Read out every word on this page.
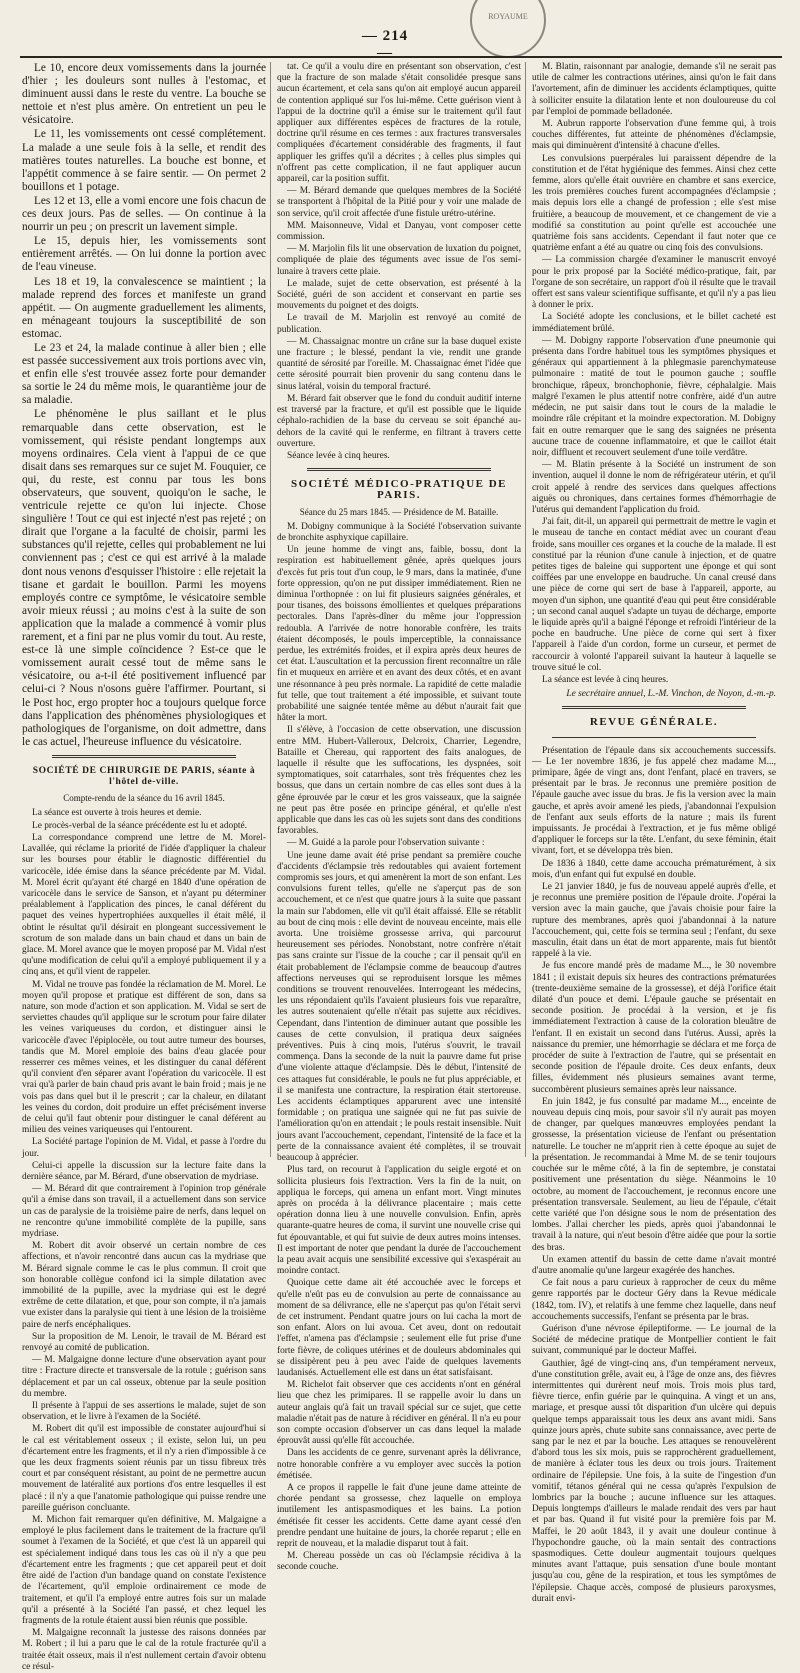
ROYAUME
— 214 —

Le 10, encore deux vomissements dans la journée d'hier ; les douleurs sont nulles à l'estomac, et diminuent aussi dans le reste du ventre. La bouche se nettoie et n'est plus amère. On entretient un peu le vésicatoire.

Le 11, les vomissements ont cessé complétement. La malade a une seule fois à la selle, et rendit des matières toutes naturelles. La bouche est bonne, et l'appétit commence à se faire sentir. — On permet 2 bouillons et 1 potage.

Les 12 et 13, elle a vomi encore une fois chacun de ces deux jours. Pas de selles. — On continue à la nourrir un peu ; on prescrit un lavement simple.

Le 15, depuis hier, les vomissements sont entièrement arrêtés. — On lui donne la portion avec de l'eau vineuse.

Les 18 et 19, la convalescence se maintient ; la malade reprend des forces et manifeste un grand appétit. — On augmente graduellement les aliments, en ménageant toujours la susceptibilité de son estomac.

Le 23 et 24, la malade continue à aller bien ; elle est passée successivement aux trois portions avec vin, et enfin elle s'est trouvée assez forte pour demander sa sortie le 24 du même mois, le quarantième jour de sa maladie.

Le phénomène le plus saillant et le plus remarquable dans cette observation, est le vomissement, qui résiste pendant longtemps aux moyens ordinaires. Cela vient à l'appui de ce que disait dans ses remarques sur ce sujet M. Fouquier, ce qui, du reste, est connu par tous les bons observateurs, que souvent, quoiqu'on le sache, le ventricule rejette ce qu'on lui injecte. Chose singulière ! Tout ce qui est injecté n'est pas rejeté ; on dirait que l'organe a la faculté de choisir, parmi les substances qu'il rejette, celles qui probablement ne lui conviennent pas ; c'est ce qui est arrivé à la malade dont nous venons d'esquisser l'histoire : elle rejetait la tisane et gardait le bouillon. Parmi les moyens employés contre ce symptôme, le vésicatoire semble avoir mieux réussi ; au moins c'est à la suite de son application que la malade a commencé à vomir plus rarement, et a fini par ne plus vomir du tout. Au reste, est-ce là une simple coïncidence ? Est-ce que le vomissement aurait cessé tout de même sans le vésicatoire, ou a-t-il été positivement influencé par celui-ci ? Nous n'osons guère l'affirmer. Pourtant, si le Post hoc, ergo propter hoc a toujours quelque force dans l'application des phénomènes physiologiques et pathologiques de l'organisme, on doit admettre, dans le cas actuel, l'heureuse influence du vésicatoire.

SOCIÉTÉ DE CHIRURGIE DE PARIS, séante à l'hôtel de-ville.
Compte-rendu de la séance du 16 avril 1845.

La séance est ouverte à trois heures et demie.

Le procès-verbal de la séance précédente est lu et adopté.

La correspondance comprend une lettre de M. Morel-Lavallée, qui réclame la priorité de l'idée d'appliquer la chaleur sur les bourses pour établir le diagnostic différentiel du varicocèle, idée émise dans la séance précédente par M. Vidal. M. Morel écrit qu'ayant été chargé en 1840 d'une opération de varicocèle dans le service de Sanson, et n'ayant pu déterminer préalablement à l'application des pinces, le canal déférent du paquet des veines hypertrophiées auxquelles il était mêlé, il obtint le résultat qu'il désirait en plongeant successivement le scrotum de son malade dans un bain chaud et dans un bain de glace. M. Morel avance que le moyen proposé par M. Vidal n'est qu'une modification de celui qu'il a employé publiquement il y a cinq ans, et qu'il vient de rappeler.

M. Vidal ne trouve pas fondée la réclamation de M. Morel. Le moyen qu'il propose et pratique est différent de son, dans sa nature, son mode d'action et son application. M. Vidal se sert de serviettes chaudes qu'il applique sur le scrotum pour faire dilater les veines variqueuses du cordon, et distinguer ainsi le varicocèle d'avec l'épiplocèle, ou tout autre tumeur des bourses, tandis que M. Morel emploie des bains d'eau glacée pour resserrer ces mêmes veines, et les distinguer du canal déférent qu'il convient d'en séparer avant l'opération du varicocèle. Il est vrai qu'à parler de bain chaud pris avant le bain froid ; mais je ne vois pas dans quel but il le prescrit ; car la chaleur, en dilatant les veines du cordon, doit produire un effet précisément inverse de celui qu'il faut obtenir pour distinguer le canal déférent au milieu des veines variqueuses qui l'entourent.

La Société partage l'opinion de M. Vidal, et passe à l'ordre du jour.

Celui-ci appelle la discussion sur la lecture faite dans la dernière séance, par M. Bérard, d'une observation de mydriase.

— M. Bérard dit que contrairement à l'opinion trop générale qu'il a émise dans son travail, il a actuellement dans son service un cas de paralysie de la troisième paire de nerfs, dans lequel on ne rencontre qu'une immobilité complète de la pupille, sans mydriase.

M. Robert dit avoir observé un certain nombre de ces affections, et n'avoir rencontré dans aucun cas la mydriase que M. Bérard signale comme le cas le plus commun. Il croit que son honorable collègue confond ici la simple dilatation avec immobilité de la pupille, avec la mydriase qui est le degré extrême de cette dilatation, et que, pour son compte, il n'a jamais vue exister dans la paralysie qui tient à une lésion de la troisième paire de nerfs encéphaliques.

Sur la proposition de M. Lenoir, le travail de M. Bérard est renvoyé au comité de publication.

— M. Malgaigne donne lecture d'une observation ayant pour titre : Fracture directe et transversale de la rotule ; guérison sans déplacement et par un cal osseux, obtenue par la seule position du membre.

Il présente à l'appui de ses assertions le malade, sujet de son observation, et le livre à l'examen de la Société.

M. Robert dit qu'il est impossible de constater aujourd'hui si le cal est véritablement osseux ; il existe, selon lui, un peu d'écartement entre les fragments, et il n'y a rien d'impossible à ce que les deux fragments soient réunis par un tissu fibreux très court et par conséquent résistant, au point de ne permettre aucun mouvement de latéralité aux portions d'os entre lesquelles il est placé : il n'y a que l'anatomie pathologique qui puisse rendre une pareille guérison concluante.

M. Michon fait remarquer qu'en définitive, M. Malgaigne a employé le plus facilement dans le traitement de la fracture qu'il soumet à l'examen de la Société, et que c'est là un appareil qui est spécialement indiqué dans tous les cas où il n'y a que peu d'écartement entre les fragments ; que cet appareil peut et doit être aidé de l'action d'un bandage quand on constate l'existence de l'écartement, qu'il emploie ordinairement ce mode de traitement, et qu'il l'a employé entre autres fois sur un malade qu'il a présenté à la Société l'an passé, et chez lequel les fragments de la rotule étaient aussi bien réunis que possible.

M. Malgaigne reconnaît la justesse des raisons données par M. Robert ; il lui a paru que le cal de la rotule fracturée qu'il a traitée était osseux, mais il n'est nullement certain d'avoir obtenu ce résul-

tat. Ce qu'il a voulu dire en présentant son observation, c'est que la fracture de son malade s'était consolidée presque sans aucun écartement, et cela sans qu'on ait employé aucun appareil de contention appliqué sur l'os lui-même. Cette guérison vient à l'appui de la doctrine qu'il a émise sur le traitement qu'il faut appliquer aux différentes espèces de fractures de la rotule, doctrine qu'il résume en ces termes : aux fractures transversales compliquées d'écartement considérable des fragments, il faut appliquer les griffes qu'il a décrites ; à celles plus simples qui n'offrent pas cette complication, il ne faut appliquer aucun appareil, car la position suffit.

— M. Bérard demande que quelques membres de la Société se transportent à l'hôpital de la Pitié pour y voir une malade de son service, qu'il croit affectée d'une fistule urétro-utérine.

MM. Maisonneuve, Vidal et Danyau, vont composer cette commission.

— M. Marjolin fils lit une observation de luxation du poignet, compliquée de plaie des téguments avec issue de l'os semi-lunaire à travers cette plaie.

Le malade, sujet de cette observation, est présenté à la Société, guéri de son accident et conservant en partie ses mouvements du poignet et des doigts.

Le travail de M. Marjolin est renvoyé au comité de publication.

— M. Chassaignac montre un crâne sur la base duquel existe une fracture ; le blessé, pendant la vie, rendit une grande quantité de sérosité par l'oreille. M. Chassaignac émet l'idée que cette sérosité pourrait bien provenir du sang contenu dans le sinus latéral, voisin du temporal fracturé.

M. Bérard fait observer que le fond du conduit auditif interne est traversé par la fracture, et qu'il est possible que le liquide céphalo-rachidien de la base du cerveau se soit épanché au-dehors de la cavité qui le renferme, en filtrant à travers cette ouverture.

Séance levée à cinq heures.

SOCIÉTÉ MÉDICO-PRATIQUE DE PARIS.
Séance du 25 mars 1845. — Présidence de M. Bataille.

M. Dobigny communique à la Société l'observation suivante de bronchite asphyxique capillaire.

Un jeune homme de vingt ans, faible, bossu, dont la respiration est habituellement gênée, après quelques jours d'excès fut pris tout d'un coup, le 9 mars, dans la matinée, d'une forte oppression, qu'on ne put dissiper immédiatement. Rien ne diminua l'orthopnée : on lui fit plusieurs saignées générales, et pour tisanes, des boissons émollientes et quelques préparations pectorales. Dans l'après-dîner du même jour l'oppression redoubla. A l'arrivée de notre honorable confrère, les traits étaient décomposés, le pouls imperceptible, la connaissance perdue, les extrémités froides, et il expira après deux heures de cet état. L'auscultation et la percussion firent reconnaître un râle fin et muqueux en arrière et en avant des deux côtés, et en avant une résonnance à peu près normale. La rapidité de cette maladie fut telle, que tout traitement a été impossible, et suivant toute probabilité une saignée tentée même au début n'aurait fait que hâter la mort.

Il s'élève, à l'occasion de cette observation, une discussion entre MM. Hubert-Valleroux, Delcroix, Charrier, Legendre, Bataille et Chereau, qui rapportent des faits analogues, de laquelle il résulte que les suffocations, les dyspnées, soit symptomatiques, soit catarrhales, sont très fréquentes chez les bossus, que dans un certain nombre de cas elles sont dues à la gêne éprouvée par le cœur et les gros vaisseaux, que la saignée ne peut pas être posée en principe général, et qu'elle n'est applicable que dans les cas où les sujets sont dans des conditions favorables.

— M. Guidé a la parole pour l'observation suivante :

Une jeune dame avait été prise pendant sa première couche d'accidents d'éclampsie très redoutables qui avaient fortement compromis ses jours, et qui amenèrent la mort de son enfant. Les convulsions furent telles, qu'elle ne s'aperçut pas de son accouchement, et ce n'est que quatre jours à la suite que passant la main sur l'abdomen, elle vit qu'il était affaissé. Elle se rétablit au bout de cinq mois : elle devint de nouveau enceinte, mais elle avorta. Une troisième grossesse arriva, qui parcourut heureusement ses périodes. Nonobstant, notre confrère n'était pas sans crainte sur l'issue de la couche ; car il pensait qu'il en était probablement de l'éclampsie comme de beaucoup d'autres affections nerveuses qui se reproduisent lorsque les mêmes conditions se trouvent renouvelées. Interrogeant les médecins, les uns répondaient qu'ils l'avaient plusieurs fois vue reparaître, les autres soutenaient qu'elle n'était pas sujette aux récidives. Cependant, dans l'intention de diminuer autant que possible les causes de cette convulsion, il pratiqua deux saignées préventives. Puis à cinq mois, l'utérus s'ouvrit, le travail commença. Dans la seconde de la nuit la pauvre dame fut prise d'une violente attaque d'éclampsie. Dès le début, l'intensité de ces attaques fut considérable, le pouls ne fut plus appréciable, et il se manifesta une contracture, la respiration était stertoreuse. Les accidents éclamptiques apparurent avec une intensité formidable ; on pratiqua une saignée qui ne fut pas suivie de l'amélioration qu'on en attendait ; le pouls restait insensible. Nuit jours avant l'accouchement, cependant, l'intensité de la face et la perte de la connaissance avaient été complètes, il se trouvait beaucoup à apprécier.

Plus tard, on recourut à l'application du seigle ergoté et on sollicita plusieurs fois l'extraction. Vers la fin de la nuit, on appliqua le forceps, qui amena un enfant mort. Vingt minutes après on procéda à la délivrance placentaire ; mais cette opération donna lieu à une nouvelle convulsion. Enfin, après quarante-quatre heures de coma, il survint une nouvelle crise qui fut épouvantable, et qui fut suivie de deux autres moins intenses. Il est important de noter que pendant la durée de l'accouchement la peau avait acquis une sensibilité excessive qui s'exaspérait au moindre contact.

Quoique cette dame ait été accouchée avec le forceps et qu'elle n'eût pas eu de convulsion au perte de connaissance au moment de sa délivrance, elle ne s'aperçut pas qu'on l'était servi de cet instrument. Pendant quatre jours on lui cacha la mort de son enfant. Alors on lui avoua. Cet aveu, dont on redoutait l'effet, n'amena pas d'éclampsie ; seulement elle fut prise d'une forte fièvre, de coliques utérines et de douleurs abdominales qui se dissipèrent peu à peu avec l'aide de quelques lavements laudanisés. Actuellement elle est dans un état satisfaisant.

M. Richelot fait observer que ces accidents n'ont en général lieu que chez les primipares. Il se rappelle avoir lu dans un auteur anglais qu'à fait un travail spécial sur ce sujet, que cette maladie n'était pas de nature à récidiver en général. Il n'a eu pour son compte occasion d'observer un cas dans lequel la malade éprouvât aussi qu'elle fût accouchée.

Dans les accidents de ce genre, survenant après la délivrance, notre honorable confrère a vu employer avec succès la potion émétisée.

A ce propos il rappelle le fait d'une jeune dame atteinte de chorée pendant sa grossesse, chez laquelle on employa inutilement les antispasmodiques et les bains. La potion émétisée fit cesser les accidents. Cette dame ayant cessé d'en prendre pendant une huitaine de jours, la chorée reparut ; elle en reprit de nouveau, et la maladie disparut tout à fait.

M. Chereau possède un cas où l'éclampsie récidiva à la seconde couche.

M. Blatin, raisonnant par analogie, demande s'il ne serait pas utile de calmer les contractions utérines, ainsi qu'on le fait dans l'avortement, afin de diminuer les accidents éclamptiques, quitte à solliciter ensuite la dilatation lente et non douloureuse du col par l'emploi de pommade belladonée.

M. Aubrun rapporte l'observation d'une femme qui, à trois couches différentes, fut atteinte de phénomènes d'éclampsie, mais qui diminuèrent d'intensité à chacune d'elles.

Les convulsions puerpérales lui paraissent dépendre de la constitution et de l'état hygiénique des femmes. Ainsi chez cette femme, alors qu'elle était ouvrière en chambre et sans exercice, les trois premières couches furent accompagnées d'éclampsie ; mais depuis lors elle a changé de profession ; elle s'est mise fruitière, a beaucoup de mouvement, et ce changement de vie a modifié sa constitution au point qu'elle est accouchée une quatrième fois sans accidents. Cependant il faut noter que ce quatrième enfant a été au quatre ou cinq fois des convulsions.

— La commission chargée d'examiner le manuscrit envoyé pour le prix proposé par la Société médico-pratique, fait, par l'organe de son secrétaire, un rapport d'où il résulte que le travail offert est sans valeur scientifique suffisante, et qu'il n'y a pas lieu à donner le prix.

La Société adopte les conclusions, et le billet cacheté est immédiatement brûlé.

— M. Dobigny rapporte l'observation d'une pneumonie qui présenta dans l'ordre habituel tous les symptômes physiques et généraux qui appartiennent à la phlegmasie parenchymateuse pulmonaire : matité de tout le poumon gauche ; souffle bronchique, râpeux, bronchophonie, fièvre, céphalalgie. Mais malgré l'examen le plus attentif notre confrère, aidé d'un autre médecin, ne put saisir dans tout le cours de la maladie le moindre râle crépitant et la moindre expectoration. M. Dobigny fait en outre remarquer que le sang des saignées ne présenta aucune trace de couenne inflammatoire, et que le caillot était noir, diffluent et recouvert seulement d'une toile verdâtre.

— M. Blatin présente à la Société un instrument de son invention, auquel il donne le nom de réfrigérateur utérin, et qu'il croit appelé à rendre des services dans quelques affections aiguës ou chroniques, dans certaines formes d'hémorrhagie de l'utérus qui demandent l'application du froid.

J'ai fait, dit-il, un appareil qui permettrait de mettre le vagin et le museau de tanche en contact médiat avec un courant d'eau froide, sans mouiller ces organes et la couche de la malade. Il est constitué par la réunion d'une canule à injection, et de quatre petites tiges de baleine qui supportent une éponge et qui sont coiffées par une enveloppe en baudruche. Un canal creusé dans une pièce de corne qui sert de base à l'appareil, apporte, au moyen d'un siphon, une quantité d'eau qui peut être considérable ; un second canal auquel s'adapte un tuyau de décharge, emporte le liquide après qu'il a baigné l'éponge et refroidi l'intérieur de la poche en baudruche. Une pièce de corne qui sert à fixer l'appareil à l'aide d'un cordon, forme un curseur, et permet de raccourcir à volonté l'appareil suivant la hauteur à laquelle se trouve situé le col.

La séance est levée à cinq heures.

Le secrétaire annuel, L.-M. Vinchon, de Noyon, d.-m.-p.

REVUE GÉNÉRALE.

Présentation de l'épaule dans six accouchements successifs. — Le 1er novembre 1836, je fus appelé chez madame M..., primipare, âgée de vingt ans, dont l'enfant, placé en travers, se présentait par le bras. Je reconnus une première position de l'épaule gauche avec issue du bras. Je fis la version avec la main gauche, et après avoir amené les pieds, j'abandonnai l'expulsion de l'enfant aux seuls efforts de la nature ; mais ils furent impuissants. Je procédai à l'extraction, et je fus même obligé d'appliquer le forceps sur la tête. L'enfant, du sexe féminin, était vivant, fort, et se développa très bien.

De 1836 à 1840, cette dame accoucha prématurément, à six mois, d'un enfant qui fut expulsé en double.

Le 21 janvier 1840, je fus de nouveau appelé auprès d'elle, et je reconnus une première position de l'épaule droite. J'opérai la version avec la main gauche, que j'avais choisie pour faire la rupture des membranes, après quoi j'abandonnai à la nature l'accouchement, qui, cette fois se termina seul ; l'enfant, du sexe masculin, était dans un état de mort apparente, mais fut bientôt rappelé à la vie.

Je fus encore mandé près de madame M..., le 30 novembre 1841 ; il existait depuis six heures des contractions prématurées (trente-deuxième semaine de la grossesse), et déjà l'orifice était dilaté d'un pouce et demi. L'épaule gauche se présentait en seconde position. Je procédai à la version, et je fis immédiatement l'extraction à cause de la coloration bleuâtre de l'enfant. Il en existait un second dans l'utérus. Aussi, après la naissance du premier, une hémorrhagie se déclara et me força de procéder de suite à l'extraction de l'autre, qui se présentait en seconde position de l'épaule droite. Ces deux enfants, deux filles, évidemment nés plusieurs semaines avant terme, succombèrent plusieurs semaines après leur naissance.

En juin 1842, je fus consulté par madame M..., enceinte de nouveau depuis cinq mois, pour savoir s'il n'y aurait pas moyen de changer, par quelques manœuvres employées pendant la grossesse, la présentation vicieuse de l'enfant ou présentation naturelle. Le toucher ne m'apprit rien à cette époque au sujet de la présentation. Je recommandai à Mme M. de se tenir toujours couchée sur le même côté, à la fin de septembre, je constatai positivement une présentation du siège. Néanmoins le 10 octobre, au moment de l'accouchement, je reconnus encore une présentation transversale. Seulement, au lieu de l'épaule, c'était cette variété que l'on désigne sous le nom de présentation des lombes. J'allai chercher les pieds, après quoi j'abandonnai le travail à la nature, qui n'eut besoin d'être aidée que pour la sortie des bras.

Un examen attentif du bassin de cette dame n'avait montré d'autre anomalie qu'une largeur exagérée des hanches.

Ce fait nous a paru curieux à rapprocher de ceux du même genre rapportés par le docteur Géry dans la Revue médicale (1842, tom. IV), et relatifs à une femme chez laquelle, dans neuf accouchements successifs, l'enfant se présenta par le bras.

Guérison d'une névrose épileptiforme. — Le journal de la Société de médecine pratique de Montpellier contient le fait suivant, communiqué par le docteur Maffei.

Gauthier, âgé de vingt-cinq ans, d'un tempérament nerveux, d'une constitution grêle, avait eu, à l'âge de onze ans, des fièvres intermittentes qui durèrent neuf mois. Trois mois plus tard, fièvre tierce, enfin guérie par le quinquina. A vingt et un ans, mariage, et presque aussi tôt disparition d'un ulcère qui depuis quelque temps apparaissait tous les deux ans avant midi. Sans quinze jours après, chute subite sans connaissance, avec perte de sang par le nez et par la bouche. Les attaques se renouvelèrent d'abord tous les six mois, puis se rapprochèrent graduellement, de manière à éclater tous les deux ou trois jours. Traitement ordinaire de l'épilepsie. Une fois, à la suite de l'ingestion d'un vomitif, tétanos général qui ne cessa qu'après l'expulsion de lombrics par la bouche ; aucune influence sur les attaques. Depuis longtemps d'ailleurs le malade rendait des vers par haut et par bas. Quand il fut visité pour la première fois par M. Maffei, le 20 août 1843, il y avait une douleur continue à l'hypochondre gauche, où la main sentait des contractions spasmodiques. Cette douleur augmentait toujours quelques minutes avant l'attaque, puis sensation d'une boule montant jusqu'au cou, gêne de la respiration, et tous les symptômes de l'épilepsie. Chaque accès, composé de plusieurs paroxysmes, durait envi-
